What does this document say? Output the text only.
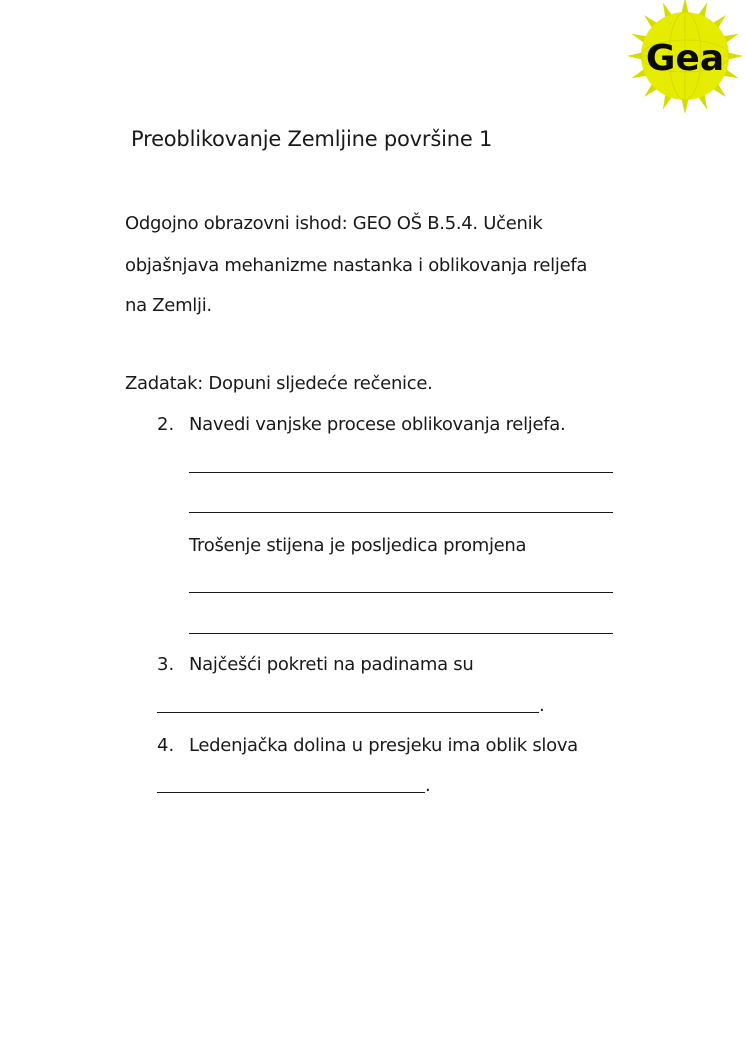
Gea
Preoblikovanje Zemljine površine 1
Odgojno obrazovni ishod: GEO OŠ B.5.4. Učenik
objašnjava mehanizme nastanka i oblikovanja reljefa
na Zemlji.
Zadatak: Dopuni sljedeće rečenice.
2. Navedi vanjske procese oblikovanja reljefa.
Trošenje stijena je posljedica promjena
3. Najčešći pokreti na padinama su
.
4. Ledenjačka dolina u presjeku ima oblik slova
.
